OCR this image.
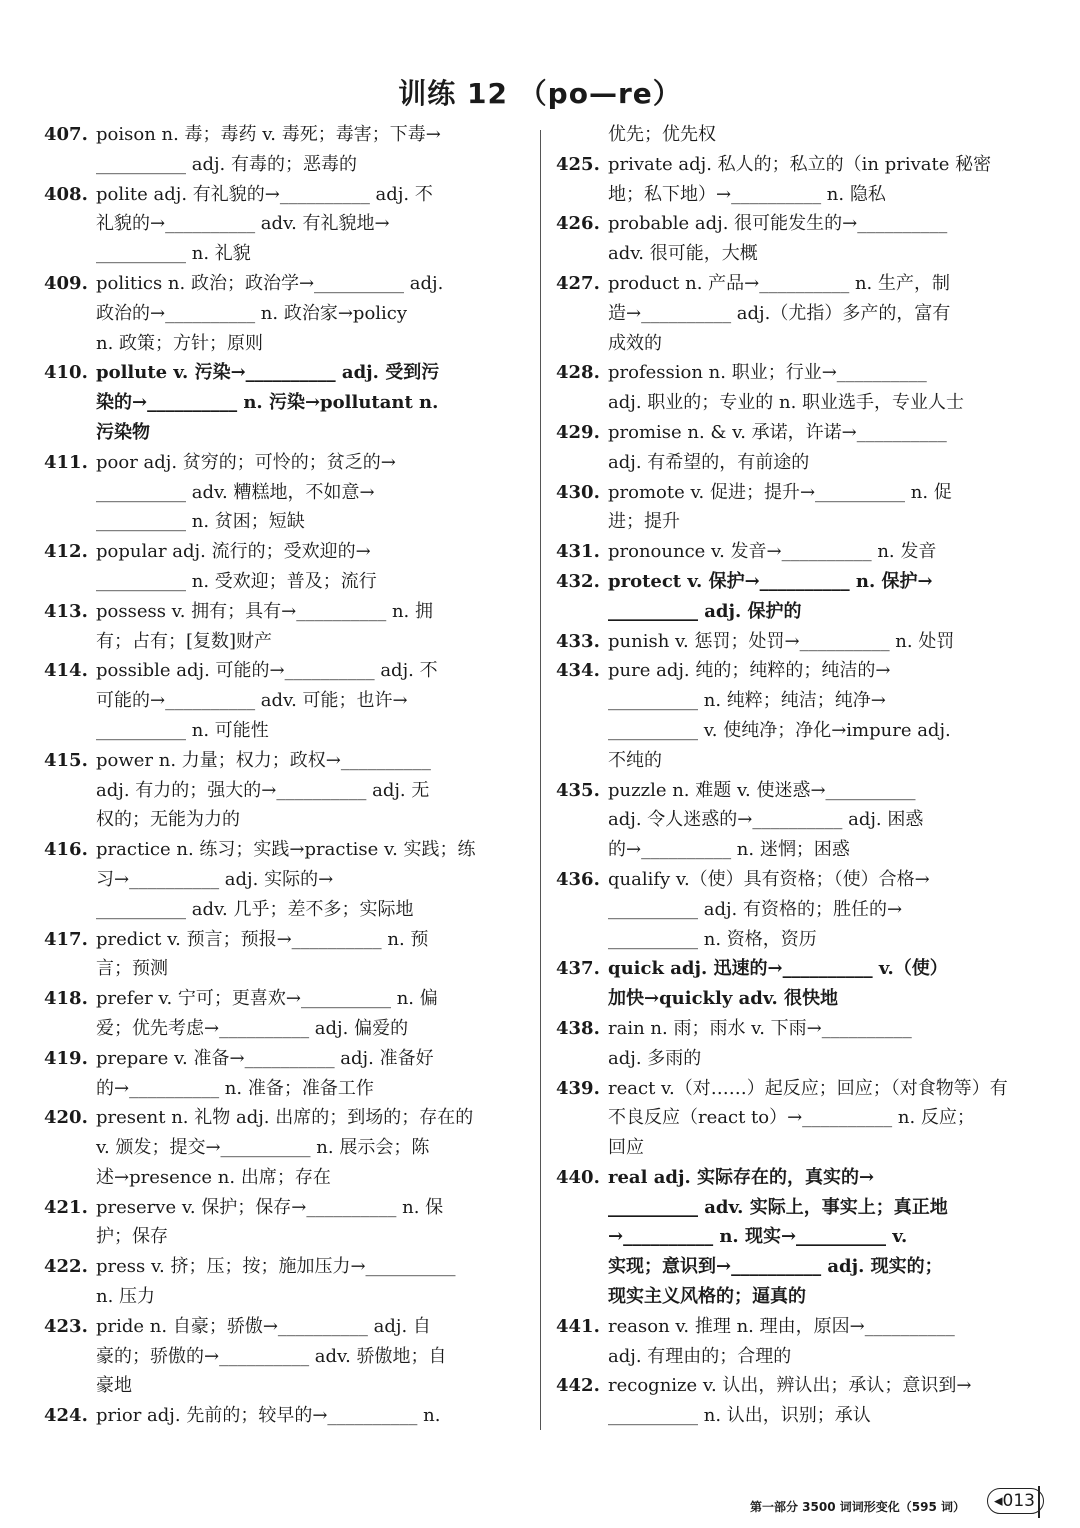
训练 12 （po—re）
407. poison n. 毒；毒药 v. 毒死；毒害；下毒→

__________ adj. 有毒的；恶毒的

408. polite adj. 有礼貌的→__________ adj. 不

礼貌的→__________ adv. 有礼貌地→

__________ n. 礼貌

409. politics n. 政治；政治学→__________ adj.

政治的→__________ n. 政治家→policy

n. 政策；方针；原则

410. pollute v. 污染→__________ adj. 受到污

染的→__________ n. 污染→pollutant n.

污染物

411. poor adj. 贫穷的；可怜的；贫乏的→

__________ adv. 糟糕地，不如意→

__________ n. 贫困；短缺

412. popular adj. 流行的；受欢迎的→

__________ n. 受欢迎；普及；流行

413. possess v. 拥有；具有→__________ n. 拥

有；占有；[复数]财产

414. possible adj. 可能的→__________ adj. 不

可能的→__________ adv. 可能；也许→

__________ n. 可能性

415. power n. 力量；权力；政权→__________

adj. 有力的；强大的→__________ adj. 无

权的；无能为力的

416. practice n. 练习；实践→practise v. 实践；练

习→__________ adj. 实际的→

__________ adv. 几乎；差不多；实际地

417. predict v. 预言；预报→__________ n. 预

言；预测

418. prefer v. 宁可；更喜欢→__________ n. 偏

爱；优先考虑→__________ adj. 偏爱的

419. prepare v. 准备→__________ adj. 准备好

的→__________ n. 准备；准备工作

420. present n. 礼物 adj. 出席的；到场的；存在的

v. 颁发；提交→__________ n. 展示会；陈

述→presence n. 出席；存在

421. preserve v. 保护；保存→__________ n. 保

护；保存

422. press v. 挤；压；按；施加压力→__________

n. 压力

423. pride n. 自豪；骄傲→__________ adj. 自

豪的；骄傲的→__________ adv. 骄傲地；自

豪地

424. prior adj. 先前的；较早的→__________ n.

优先；优先权

425. private adj. 私人的；私立的（in private 秘密

地；私下地）→__________ n. 隐私

426. probable adj. 很可能发生的→__________

adv. 很可能，大概

427. product n. 产品→__________ n. 生产，制

造→__________ adj.（尤指）多产的，富有

成效的

428. profession n. 职业；行业→__________

adj. 职业的；专业的 n. 职业选手，专业人士

429. promise n. & v. 承诺，许诺→__________

adj. 有希望的，有前途的

430. promote v. 促进；提升→__________ n. 促

进；提升

431. pronounce v. 发音→__________ n. 发音

432. protect v. 保护→__________ n. 保护→

__________ adj. 保护的

433. punish v. 惩罚；处罚→__________ n. 处罚

434. pure adj. 纯的；纯粹的；纯洁的→

__________ n. 纯粹；纯洁；纯净→

__________ v. 使纯净；净化→impure adj.

不纯的

435. puzzle n. 难题 v. 使迷惑→__________

adj. 令人迷惑的→__________ adj. 困惑

的→__________ n. 迷惘；困惑

436. qualify v.（使）具有资格；（使）合格→

__________ adj. 有资格的；胜任的→

__________ n. 资格，资历

437. quick adj. 迅速的→__________ v.（使）

加快→quickly adv. 很快地

438. rain n. 雨；雨水 v. 下雨→__________

adj. 多雨的

439. react v.（对……）起反应；回应；（对食物等）有

不良反应（react to）→__________ n. 反应；

回应

440. real adj. 实际存在的，真实的→

__________ adv. 实际上，事实上；真正地

→__________ n. 现实→__________ v.

实现；意识到→__________ adj. 现实的；

现实主义风格的；逼真的

441. reason v. 推理 n. 理由，原因→__________

adj. 有理由的；合理的

442. recognize v. 认出，辨认出；承认；意识到→

__________ n. 认出，识别；承认

第一部分 3500 词词形变化（595 词）	◂013
